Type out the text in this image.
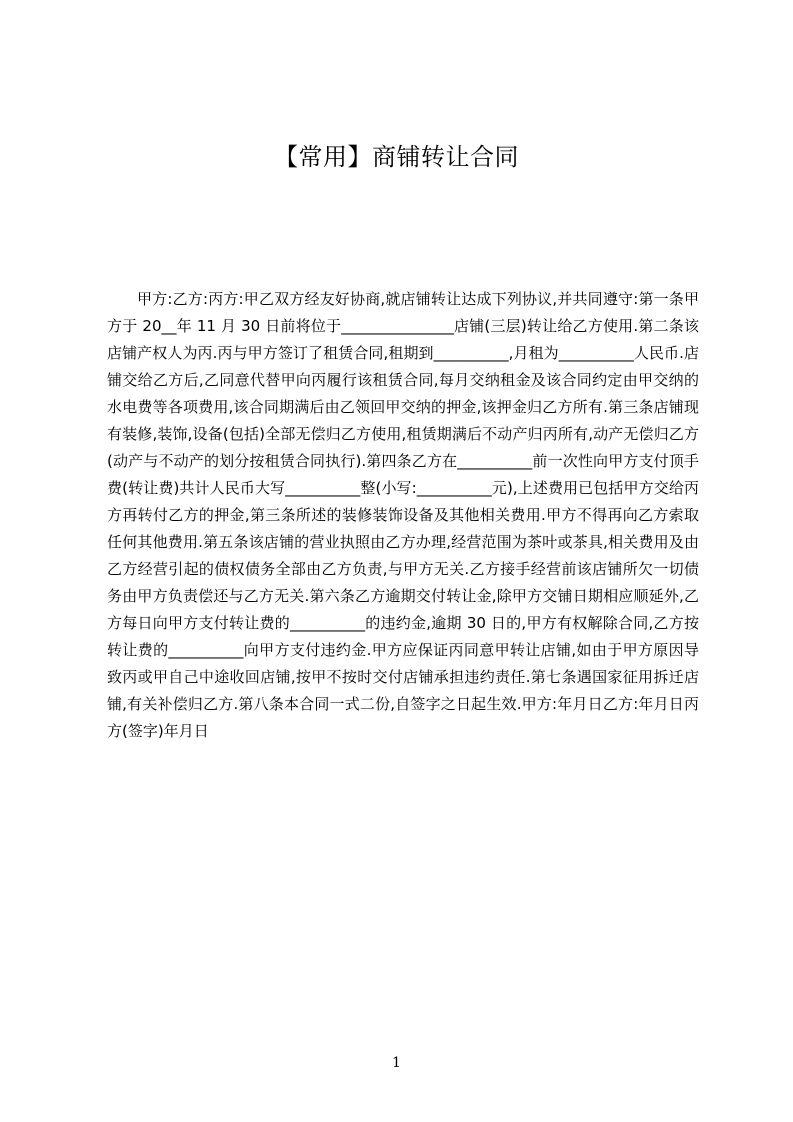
【常用】商铺转让合同

甲方:乙方:丙方:甲乙双方经友好协商,就店铺转让达成下列协议,并共同遵守:第一条甲方于 20__年 11 月 30 日前将位于_______________店铺(三层)转让给乙方使用.第二条该店铺产权人为丙.丙与甲方签订了租赁合同,租期到__________,月租为__________人民币.店铺交给乙方后,乙同意代替甲向丙履行该租赁合同,每月交纳租金及该合同约定由甲交纳的水电费等各项费用,该合同期满后由乙领回甲交纳的押金,该押金归乙方所有.第三条店铺现有装修,装饰,设备(包括)全部无偿归乙方使用,租赁期满后不动产归丙所有,动产无偿归乙方(动产与不动产的划分按租赁合同执行).第四条乙方在__________前一次性向甲方支付顶手费(转让费)共计人民币大写__________整(小写:__________元),上述费用已包括甲方交给丙方再转付乙方的押金,第三条所述的装修装饰设备及其他相关费用.甲方不得再向乙方索取任何其他费用.第五条该店铺的营业执照由乙方办理,经营范围为茶叶或茶具,相关费用及由乙方经营引起的债权债务全部由乙方负责,与甲方无关.乙方接手经营前该店铺所欠一切债务由甲方负责偿还与乙方无关.第六条乙方逾期交付转让金,除甲方交铺日期相应顺延外,乙方每日向甲方支付转让费的__________的违约金,逾期 30 日的,甲方有权解除合同,乙方按转让费的__________向甲方支付违约金.甲方应保证丙同意甲转让店铺,如由于甲方原因导致丙或甲自己中途收回店铺,按甲不按时交付店铺承担违约责任.第七条遇国家征用拆迁店铺,有关补偿归乙方.第八条本合同一式二份,自签字之日起生效.甲方:年月日乙方:年月日丙方(签字)年月日

1
